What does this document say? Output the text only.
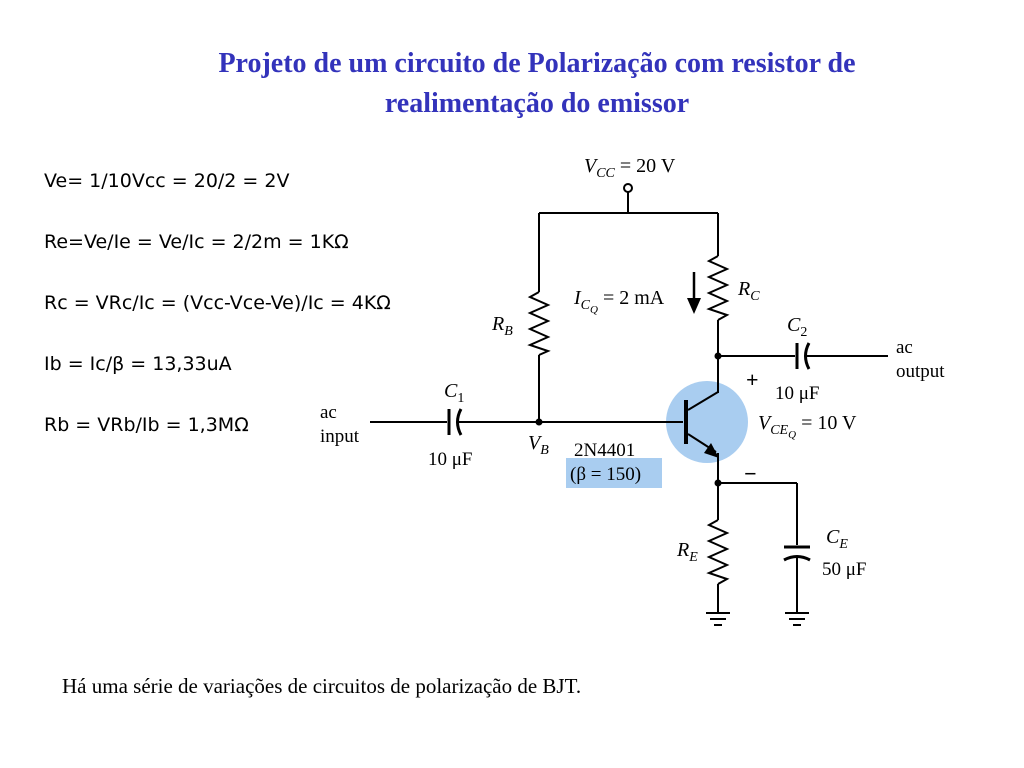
Projeto de um circuito de Polarização com resistor de
realimentação do emissor
Ve= 1/10Vcc = 20/2 = 2V
Re=Ve/Ie = Ve/Ic = 2/2m = 1KΩ
Rc = VRc/Ic = (Vcc-Vce-Ve)/Ic = 4KΩ
Ib = Ic/β = 13,33uA
Rb = VRb/Ib = 1,3MΩ
$V_{CC} = 20$ V
$I_{CQ} = 2$ mA	$R_C$
$R_B$	$C_2$
10 μF
ac
output
+
−
$V_{CEQ} = 10$ V
$C_1$
10 μF
ac
input	$V_B$ 2N4401
(β = 150)
$R_E$
$C_E$
50 μF
Há uma série de variações de circuitos de polarização de BJT.
